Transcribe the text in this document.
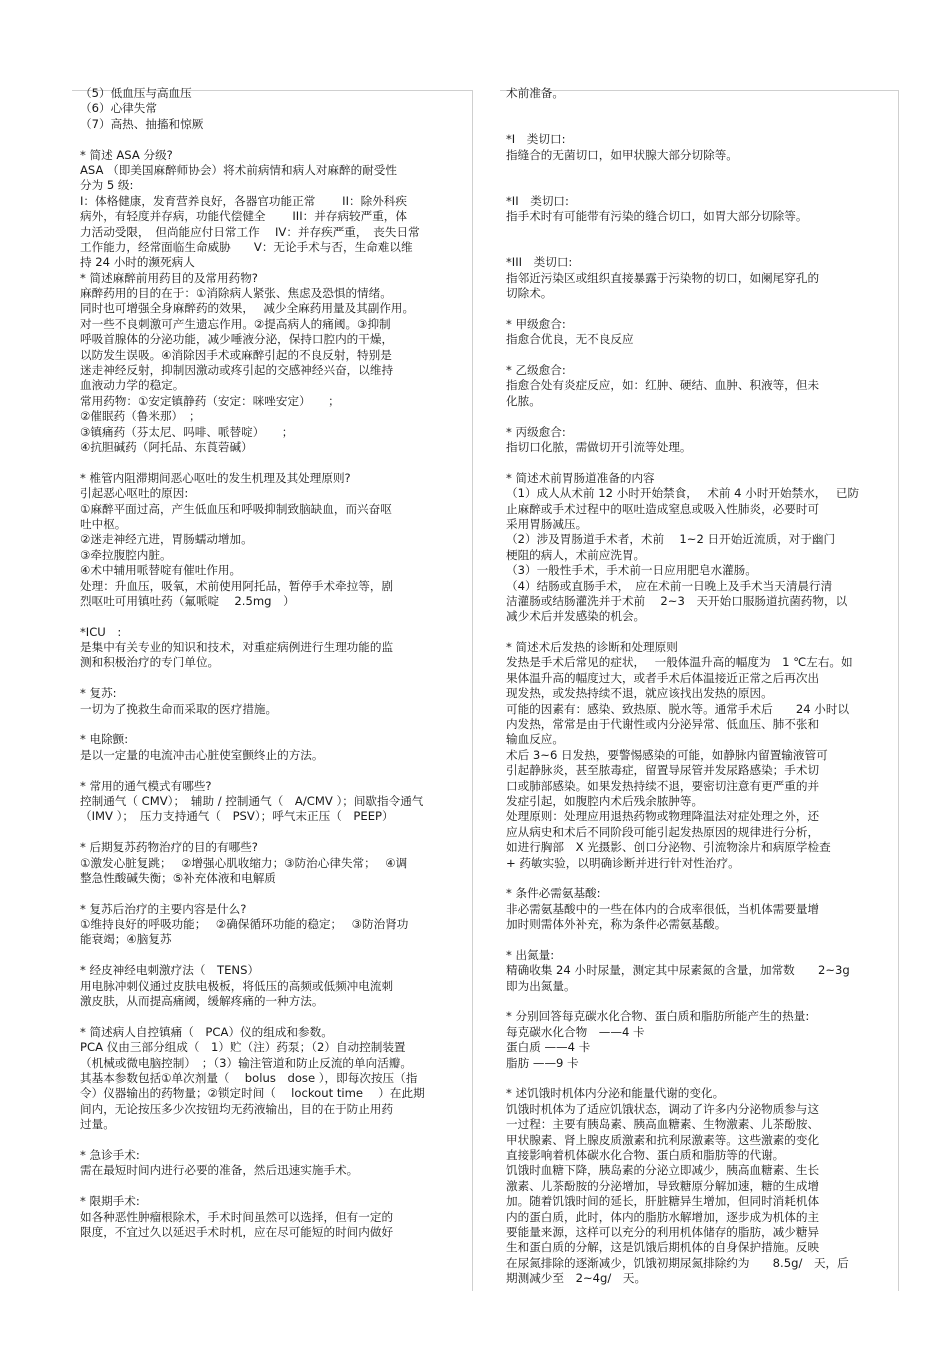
（5）低血压与高血压
（6）心律失常
（7）高热、抽搐和惊厥
* 简述 ASA 分级?
ASA （即美国麻醉师协会）将术前病情和病人对麻醉的耐受性
分为 5 级:
I：体格健康，发育营养良好，各器官功能正常　　 II：除外科疾
病外，有轻度并存病，功能代偿健全　　 III：并存病较严重，体
力活动受限，　但尚能应付日常工作　 IV：并存疾严重，　丧失日常
工作能力，经常面临生命威胁　　V：无论手术与否，生命难以维
持 24 小时的濒死病人
* 简述麻醉前用药目的及常用药物?
麻醉药用的目的在于：①消除病人紧张、焦虑及恐惧的情绪。
同时也可增强全身麻醉药的效果，　 减少全麻药用量及其副作用。
对一些不良刺激可产生遗忘作用。②提高病人的痛阈。③抑制
呼吸首腺体的分泌功能，减少唾液分泌，保持口腔内的干燥，
以防发生误吸。④消除因手术或麻醉引起的不良反射，特别是
迷走神经反射，抑制因激动或疼引起的交感神经兴奋，以维持
血液动力学的稳定。
常用药物：①安定镇静药（安定：咪唑安定）　　；
②催眠药（鲁米那）　；
③镇痛药（芬太尼、吗啡、哌替啶）　　；
④抗胆碱药（阿托品、东莨菪碱）
* 椎管内阻滞期间恶心呕吐的发生机理及其处理原则?
引起恶心呕吐的原因:
①麻醉平面过高，产生低血压和呼吸抑制致脑缺血，而兴奋呕
吐中枢。
②迷走神经亢进，胃肠蠕动增加。
③牵拉腹腔内脏。
④术中辅用哌替啶有催吐作用。
处理：升血压，吸氧，术前使用阿托品，暂停手术牵拉等，剧
烈呕吐可用镇吐药（氟哌啶　 2.5mg　）
*ICU　:
是集中有关专业的知识和技术，对重症病例进行生理功能的监
测和积极治疗的专门单位。
* 复苏:
一切为了挽救生命而采取的医疗措施。
* 电除颤:
是以一定量的电流冲击心脏使室颤终止的方法。
* 常用的通气模式有哪些?
控制通气（ CMV）；　辅助 / 控制通气（　A/CMV ）；间歇指令通气
（IMV ）；　压力支持通气（　PSV）；呼气末正压（　PEEP）
* 后期复苏药物治疗的目的有哪些?
①激发心脏复跳；　 ②增强心肌收缩力；③防治心律失常；　 ④调
整急性酸碱失衡；⑤补充体液和电解质
* 复苏后治疗的主要内容是什么?
①维持良好的呼吸功能；　 ②确保循环功能的稳定；　 ③防治肾功
能衰竭；④脑复苏
* 经皮神经电刺激疗法（　TENS）
用电脉冲刺仪通过皮肤电极板，将低压的高频或低频冲电流刺
激皮肤，从而提高痛阈，缓解疼痛的一种方法。
* 简述病人自控镇痛（　PCA）仪的组成和参数。
PCA 仪由三部分组成（　1）贮（注）药泵；（2）自动控制装置
（机械或微电脑控制）　；（3）输注管道和防止反流的单向活瓣。
其基本参数包括①单次剂量（　 bolus　dose ），即每次按压（指
令）仪器输出的药物量；②锁定时间（　 lockout time　 ）在此期
间内，无论按压多少次按钮均无药液输出，目的在于防止用药
过量。
* 急诊手术:
需在最短时间内进行必要的准备，然后迅速实施手术。
* 限期手术:
如各种恶性肿瘤根除术，手术时间虽然可以选择，但有一定的
限度，不宜过久以延迟手术时机，应在尽可能短的时间内做好
术前准备。
*I　类切口:
指缝合的无菌切口，如甲状腺大部分切除等。
*II　类切口:
指手术时有可能带有污染的缝合切口，如胃大部分切除等。
*III　类切口:
指邻近污染区或组织直接暴露于污染物的切口，如阑尾穿孔的
切除术。
* 甲级愈合:
指愈合优良，无不良反应
* 乙级愈合:
指愈合处有炎症反应，如：红肿、硬结、血肿、积液等，但未
化脓。
* 丙级愈合:
指切口化脓，需做切开引流等处理。
* 简述术前胃肠道准备的内容
（1）成人从术前 12 小时开始禁食，　 术前 4 小时开始禁水，　 已防
止麻醉或手术过程中的呕吐造成窒息或吸入性肺炎，必要时可
采用胃肠减压。
（2）涉及胃肠道手术者，术前　 1~2 日开始近流质，对于幽门
梗阻的病人，术前应洗胃。
（3）一般性手术，手术前一日应用肥皂水灌肠。
（4）结肠或直肠手术，　应在术前一日晚上及手术当天清晨行清
洁灌肠或结肠灌洗并于术前　 2~3　天开始口服肠道抗菌药物，以
减少术后并发感染的机会。
* 简述术后发热的诊断和处理原则
发热是手术后常见的症状，　 一般体温升高的幅度为　1 ℃左右。如
果体温升高的幅度过大，或者手术后体温接近正常之后再次出
现发热，或发热持续不退，就应该找出发热的原因。
可能的因素有：感染、致热原、脱水等。通常手术后　　24 小时以
内发热，常常是由于代谢性或内分泌异常、低血压、肺不张和
输血反应。
术后 3~6 日发热，要警惕感染的可能，如静脉内留置输液管可
引起静脉炎，甚至脓毒症，留置导尿管并发尿路感染；手术切
口或肺部感染。如果发热持续不退，要密切注意有更严重的并
发症引起，如腹腔内术后残余脓肿等。
处理原则：处理应用退热药物或物理降温法对症处理之外，还
应从病史和术后不同阶段可能引起发热原因的规律进行分析，
如进行胸部　X 光摄影、创口分泌物、引流物涂片和病原学检查
+ 药敏实验，以明确诊断并进行针对性治疗。
* 条件必需氨基酸:
非必需氨基酸中的一些在体内的合成率很低，当机体需要量增
加时则需体外补充，称为条件必需氨基酸。
* 出氮量:
精确收集 24 小时尿量，测定其中尿素氮的含量，加常数　　2~3g
即为出氮量。
* 分别回答每克碳水化合物、蛋白质和脂肪所能产生的热量:
每克碳水化合物　——4 卡
蛋白质 ——4 卡
脂肪 ——9 卡
* 述饥饿时机体内分泌和能量代谢的变化。
饥饿时机体为了适应饥饿状态，调动了许多内分泌物质参与这
一过程：主要有胰岛素、胰高血糖素、生物激素、儿茶酚胺、
甲状腺素、肾上腺皮质激素和抗利尿激素等。这些激素的变化
直接影响着机体碳水化合物、蛋白质和脂肪等的代谢。
饥饿时血糖下降，胰岛素的分泌立即减少，胰高血糖素、生长
激素、儿茶酚胺的分泌增加，导致糖原分解加速，糖的生成增
加。随着饥饿时间的延长，肝脏糖异生增加，但同时消耗机体
内的蛋白质，此时，体内的脂肪水解增加，逐步成为机体的主
要能量来源，这样可以充分的利用机体储存的脂肪，减少糖异
生和蛋白质的分解，这是饥饿后期机体的自身保护措施。反映
在尿氮排除的逐渐减少，饥饿初期尿氮排除约为　　8.5g/　天，后
期测减少至　2~4g/　天。
